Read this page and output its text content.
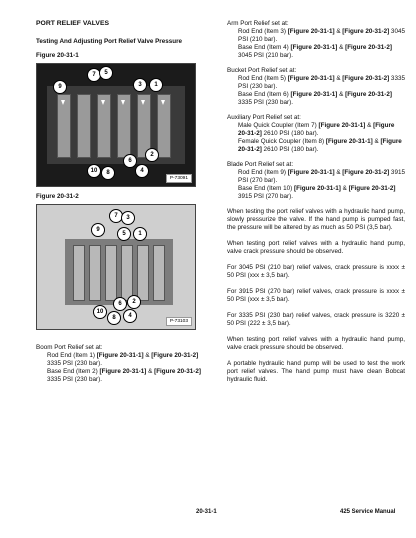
PORT RELIEF VALVES
Testing And Adjusting Port Relief Valve Pressure
Figure 20-31-1
7	5
9	3	1
2
6
4
10	8
P-73091
Figure 20-31-2
7	3
9
5	1
6	2
10
8	4
P-73103
Boom Port Relief set at:
Rod End (Item 1) [Figure 20-31-1] & [Figure 20-31-2] 3335 PSI (230 bar).
Base End (Item 2) [Figure 20-31-1] & [Figure 20-31-2] 3335 PSI (230 bar).
Arm Port Relief set at:
Rod End (Item 3) [Figure 20-31-1] & [Figure 20-31-2] 3045 PSI (210 bar).
Base End (Item 4) [Figure 20-31-1] & [Figure 20-31-2] 3045 PSI (210 bar).
Bucket Port Relief set at:
Rod End (Item 5) [Figure 20-31-1] & [Figure 20-31-2] 3335 PSI (230 bar).
Base End (Item 6) [Figure 20-31-1] & [Figure 20-31-2] 3335 PSI (230 bar).
Auxiliary Port Relief set at:
Male Quick Coupler (Item 7) [Figure 20-31-1] & [Figure 20-31-2] 2610 PSI (180 bar).
Female Quick Coupler (Item 8) [Figure 20-31-1] & [Figure 20-31-2] 2610 PSI (180 bar).
Blade Port Relief set at:
Rod End (Item 9) [Figure 20-31-1] & [Figure 20-31-2] 3915 PSI (270 bar).
Base End (Item 10) [Figure 20-31-1] & [Figure 20-31-2] 3915 PSI (270 bar).
When testing the port relief valves with a hydraulic hand pump, slowly pressurize the valve. If the hand pump is pumped fast, the pressure will be altered by as much as 50 PSI (3,5 bar).
When testing port relief valves with a hydraulic hand pump, valve crack pressure should be observed.
For 3045 PSI (210 bar) relief valves, crack pressure is xxxx ± 50 PSI (xxx ± 3,5 bar).
For 3915 PSI (270 bar) relief valves, crack pressure is xxxx ± 50 PSI (xxx ± 3,5 bar).
For 3335 PSI (230 bar) relief valves, crack pressure is 3220 ± 50 PSI (222 ± 3,5 bar).
When testing port relief valves with a hydraulic hand pump, valve crack pressure should be observed.
A portable hydraulic hand pump will be used to test the work port relief valves. The hand pump must have clean Bobcat hydraulic fluid.
20-31-1	425 Service Manual
